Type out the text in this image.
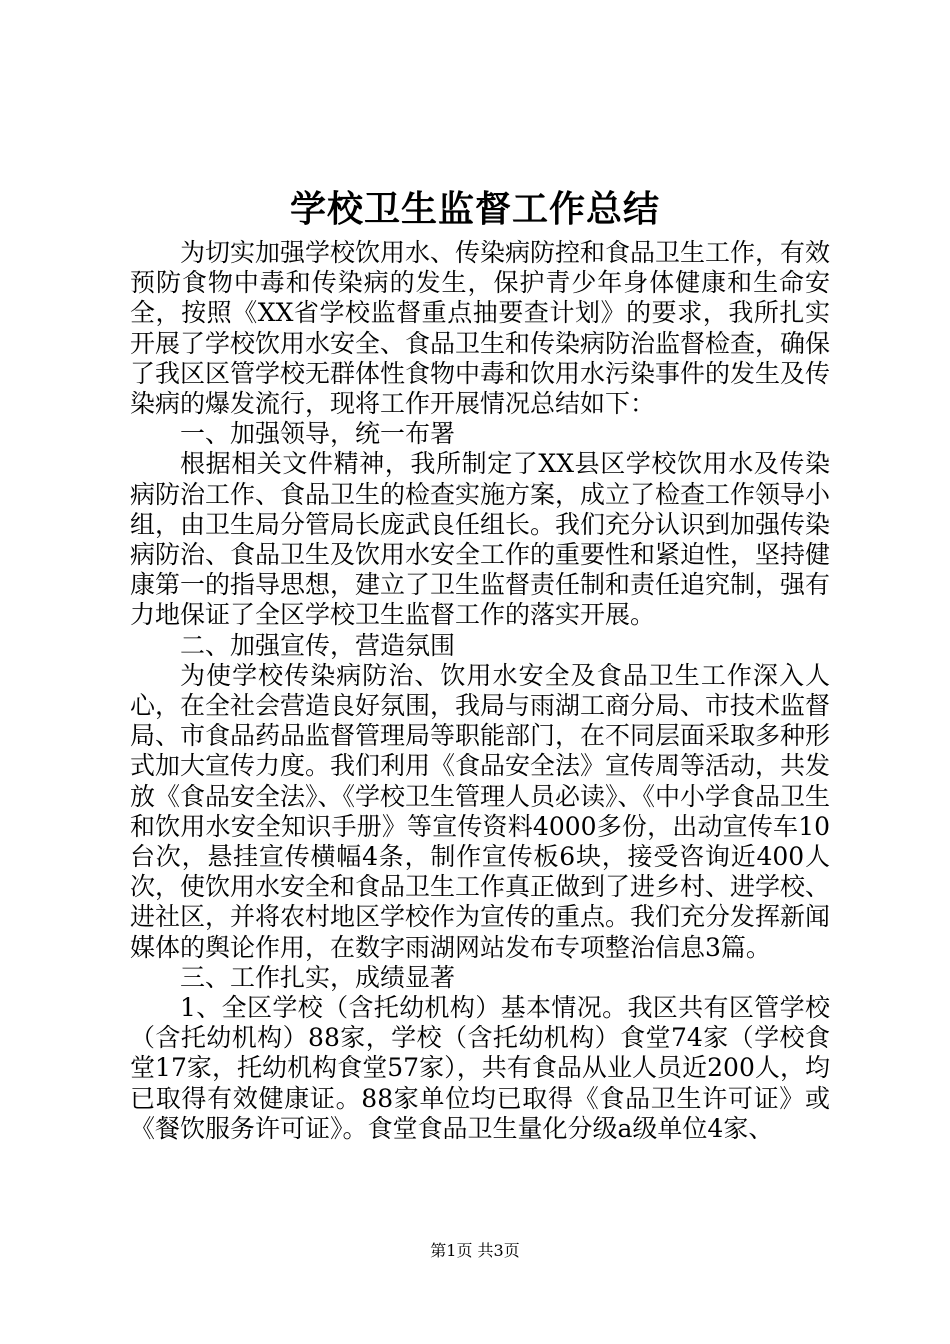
学校卫生监督工作总结

为切实加强学校饮用水、传染病防控和食品卫生工作，有效预防食物中毒和传染病的发生，保护青少年身体健康和生命安全，按照《XX省学校监督重点抽要查计划》的要求，我所扎实开展了学校饮用水安全、食品卫生和传染病防治监督检查，确保了我区区管学校无群体性食物中毒和饮用水污染事件的发生及传染病的爆发流行，现将工作开展情况总结如下：

一、加强领导，统一布署

根据相关文件精神，我所制定了XX县区学校饮用水及传染病防治工作、食品卫生的检查实施方案，成立了检查工作领导小组，由卫生局分管局长庞武良任组长。我们充分认识到加强传染病防治、食品卫生及饮用水安全工作的重要性和紧迫性，坚持健康第一的指导思想，建立了卫生监督责任制和责任追究制，强有力地保证了全区学校卫生监督工作的落实开展。

二、加强宣传，营造氛围

为使学校传染病防治、饮用水安全及食品卫生工作深入人心，在全社会营造良好氛围，我局与雨湖工商分局、市技术监督局、市食品药品监督管理局等职能部门，在不同层面采取多种形式加大宣传力度。我们利用《食品安全法》宣传周等活动，共发放《食品安全法》、《学校卫生管理人员必读》、《中小学食品卫生和饮用水安全知识手册》等宣传资料4000多份，出动宣传车10台次，悬挂宣传横幅4条，制作宣传板6块，接受咨询近400人次，使饮用水安全和食品卫生工作真正做到了进乡村、进学校、进社区，并将农村地区学校作为宣传的重点。我们充分发挥新闻媒体的舆论作用，在数字雨湖网站发布专项整治信息3篇。

三、工作扎实，成绩显著

1、全区学校（含托幼机构）基本情况。我区共有区管学校（含托幼机构）88家，学校（含托幼机构）食堂74家（学校食堂17家，托幼机构食堂57家），共有食品从业人员近200人，均已取得有效健康证。88家单位均已取得《食品卫生许可证》或《餐饮服务许可证》。食堂食品卫生量化分级a级单位4家、

第1页 共3页
